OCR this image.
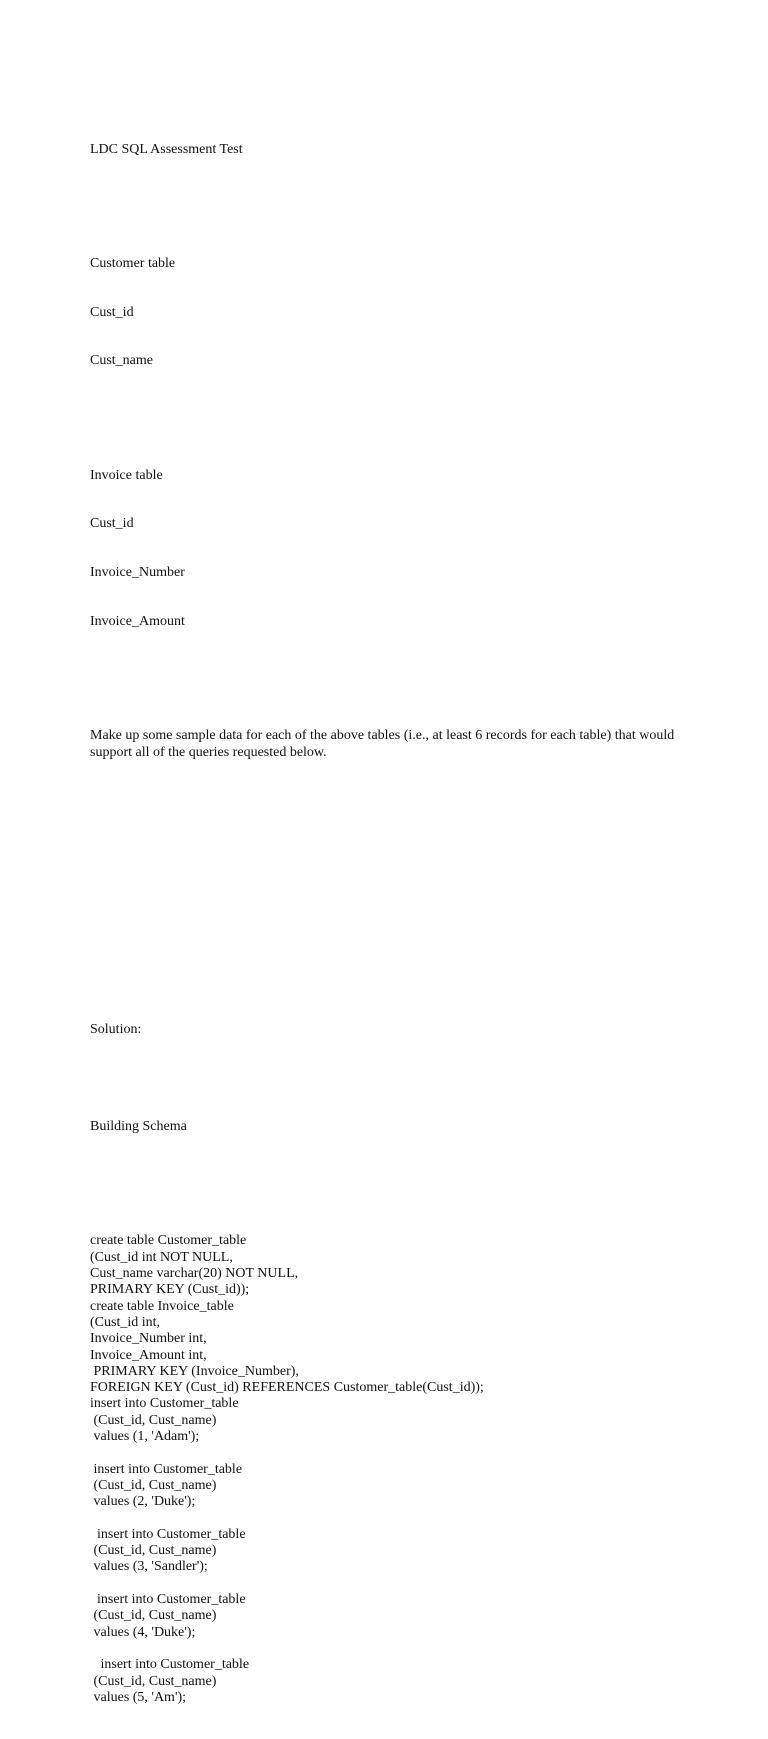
LDC SQL Assessment Test

Customer table

Cust_id

Cust_name

Invoice table

Cust_id

Invoice_Number

Invoice_Amount

Make up some sample data for each of the above tables (i.e., at least 6 records for each table) that would support all of the queries requested below.

Solution:

Building Schema

create table Customer_table
(Cust_id int NOT NULL,
Cust_name varchar(20) NOT NULL,
PRIMARY KEY (Cust_id));
create table Invoice_table
(Cust_id int,
Invoice_Number int,
Invoice_Amount int,
PRIMARY KEY (Invoice_Number),
FOREIGN KEY (Cust_id) REFERENCES Customer_table(Cust_id));
insert into Customer_table
(Cust_id, Cust_name)
values (1, 'Adam');
insert into Customer_table
(Cust_id, Cust_name)
values (2, 'Duke');
insert into Customer_table
(Cust_id, Cust_name)
values (3, 'Sandler');
insert into Customer_table
(Cust_id, Cust_name)
values (4, 'Duke');
insert into Customer_table
(Cust_id, Cust_name)
values (5, 'Am');
